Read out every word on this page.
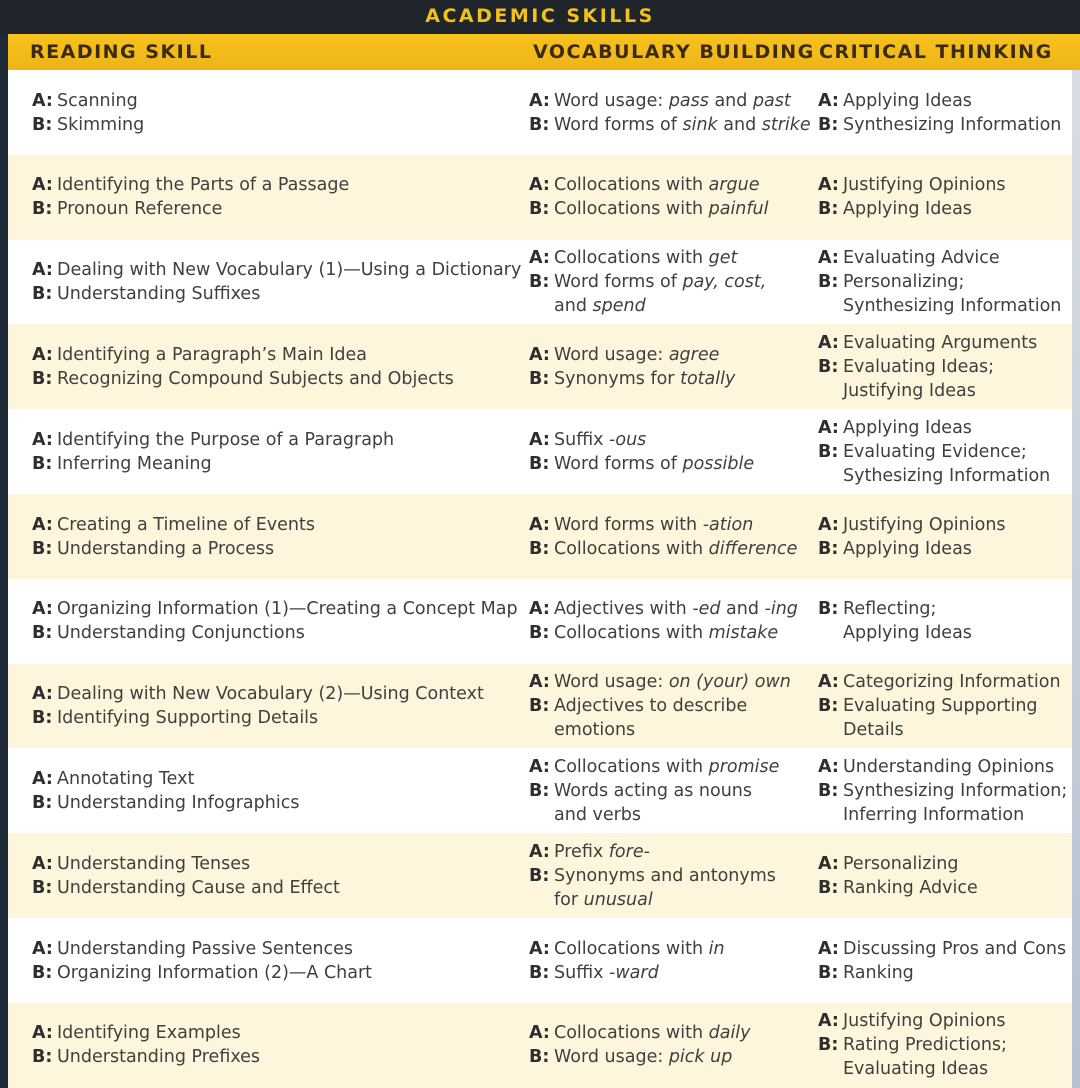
ACADEMIC SKILLS
READING SKILL	VOCABULARY BUILDING CRITICAL THINKING
A: Scanning
B: Skimming
A: Word usage: pass and past
B: Word forms of sink and strike
A: Applying Ideas
B: Synthesizing Information
A: Identifying the Parts of a Passage
B: Pronoun Reference
A: Collocations with argue
B: Collocations with painful
A: Justifying Opinions
B: Applying Ideas
A: Dealing with New Vocabulary (1)—Using a Dictionary
B: Understanding Suffixes
A: Collocations with get
B: Word forms of pay, cost,
and spend
A: Evaluating Advice
B: Personalizing;
Synthesizing Information
A: Identifying a Paragraph’s Main Idea
B: Recognizing Compound Subjects and Objects
A: Word usage: agree
B: Synonyms for totally
A: Evaluating Arguments
B: Evaluating Ideas;
Justifying Ideas
A: Identifying the Purpose of a Paragraph
B: Inferring Meaning
A: Suffix -ous
B: Word forms of possible
A: Applying Ideas
B: Evaluating Evidence;
Sythesizing Information
A: Creating a Timeline of Events
B: Understanding a Process
A: Word forms with -ation
B: Collocations with difference
A: Justifying Opinions
B: Applying Ideas
A: Organizing Information (1)—Creating a Concept Map
B: Understanding Conjunctions
A: Adjectives with -ed and -ing
B: Collocations with mistake
B: Reflecting;
Applying Ideas
A: Dealing with New Vocabulary (2)—Using Context
B: Identifying Supporting Details
A: Word usage: on (your) own
B: Adjectives to describe
emotions
A: Categorizing Information
B: Evaluating Supporting
Details
A: Annotating Text
B: Understanding Infographics
A: Collocations with promise
B: Words acting as nouns
and verbs
A: Understanding Opinions
B: Synthesizing Information;
Inferring Information
A: Understanding Tenses
B: Understanding Cause and Effect
A: Prefix fore-
B: Synonyms and antonyms
for unusual
A: Personalizing
B: Ranking Advice
A: Understanding Passive Sentences
B: Organizing Information (2)—A Chart
A: Collocations with in
B: Suffix -ward
A: Discussing Pros and Cons
B: Ranking
A: Identifying Examples
B: Understanding Prefixes
A: Collocations with daily
B: Word usage: pick up
A: Justifying Opinions
B: Rating Predictions;
Evaluating Ideas
